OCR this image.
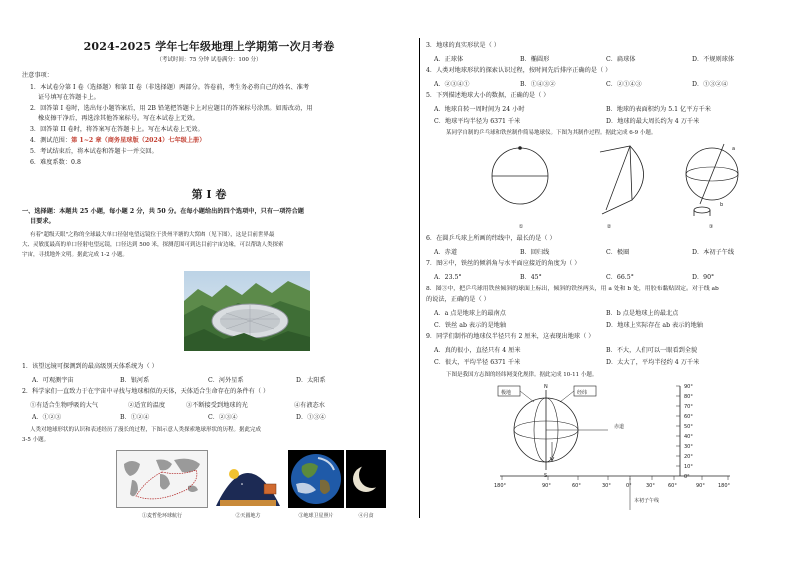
2024-2025 学年七年级地理上学期第一次月考卷
（考试时间：75 分钟 试卷满分：100 分）
注意事项：
1．本试卷分第 I 卷（选择题）和第 II 卷（非选择题）两部分。答卷前，考生务必将自己的姓名、准考
证号填写在答题卡上。
2．回答第 I 卷时，选出每小题答案后，用 2B 铅笔把答题卡上对应题目的答案标号涂黑。如需改动，用
橡皮擦干净后，再选涂其他答案标号。写在本试卷上无效。
3．回答第 II 卷时，将答案写在答题卡上。写在本试卷上无效。
4．测试范围：第 1~2 章（商务星球版（2024）七年级上册）
5．考试结束后，将本试卷和答题卡一并交回。
6．难度系数：0.8
第 I 卷
一、选择题：本题共 25 小题，每小题 2 分，共 50 分。在每小题给出的四个选项中，只有一项符合题
目要求。
有着"超级天眼"之称的全球最大单口径射电望远镜位于贵州平塘的大窝凼（见下图），这是目前世界最
大、灵敏度最高的单口径射电望远镜，口径达到 500 米，探测范围可到达目前宇宙边缘，可以帮助人类探索
宇宙，寻找地外文明。据此完成 1-2 小题。
1．该望远镜可探测到的最高级别天体系统为（ ）
A．可观测宇宙	B．银河系	C．河外星系	D．太阳系
2．科学家们一直致力于在宇宙中寻找与地球相似的天体，天体适合生命存在的条件有（ ）
①有适合生物呼吸的大气	②适宜的温度	③不断接受到地球的光	④有液态水
A．①②③	B．①②④	C．②③④	D．①③④
人类对地球形状的认识和表述经历了漫长的过程，下图示意人类探索地球形状的历程。据此完成
3-5 小题。
①麦哲伦环球航行	②天圆地方	③地球卫星照片	④月食
3．地球的真实形状是（ ）
A．正球体	B．椭圆形	C．扁球体	D．不规则球体
4．人类对地球形状的探索认识过程，按时间先后排序正确的是（ ）
A．②③④①	B．①④③②	C．②①④③	D．①③②④
5．下列描述地球大小的数据，正确的是（ ）
A．地球自转一周时间为 24 小时	B．地球的表面积约为 5.1 亿平方千米
C．地球平均半径为 6371 千米	D．地球的最大周长约为 4 万千米
某同学自制的乒乓球和铁丝制作简易地球仪。下图为其制作过程。据此完成 6-9 小题。
a
b
①	②	③
6．在圆乒乓球上所画的纬线中，最长的是（ ）
A．赤道	B．回归线	C．极圈	D．本初子午线
7．图②中，铁丝的倾斜角与水平面应接近的角度为（ ）
A．23.5°	B．45°	C．66.5°	D．90°
8．图③中，把乒乓球用铁丝倾斜的球面上标出，倾斜的铁丝两头，用 a 处和 b 处，用胶布黏贴固定。对于线 ab
的说法，正确的是（ ）
A．a 点是地球上的最南点	B．b 点是地球上的最北点
C．铁丝 ab 表示的是地轴	D．地球上实际存在 ab 表示的地轴
9．同学们制作的地球仪半径只有 2 厘米，这表现出地球（ ）
A．真的很小，直径只有 4 厘米	B．不大，人们可以一眼看到全貌
C．很大，平均半径 6371 千米	D．太大了，平均半径约 4 万千米
下图是我国方志图的经纬网变化规律。据此完成 10-11 小题。
N
S
极地	经纬
赤道
90°
80°
70°
60°
50°
40°
30°
20°
10°
0°
180°	90°	60°	30°	0°	30°	60°	90°	180°
本初子午线
